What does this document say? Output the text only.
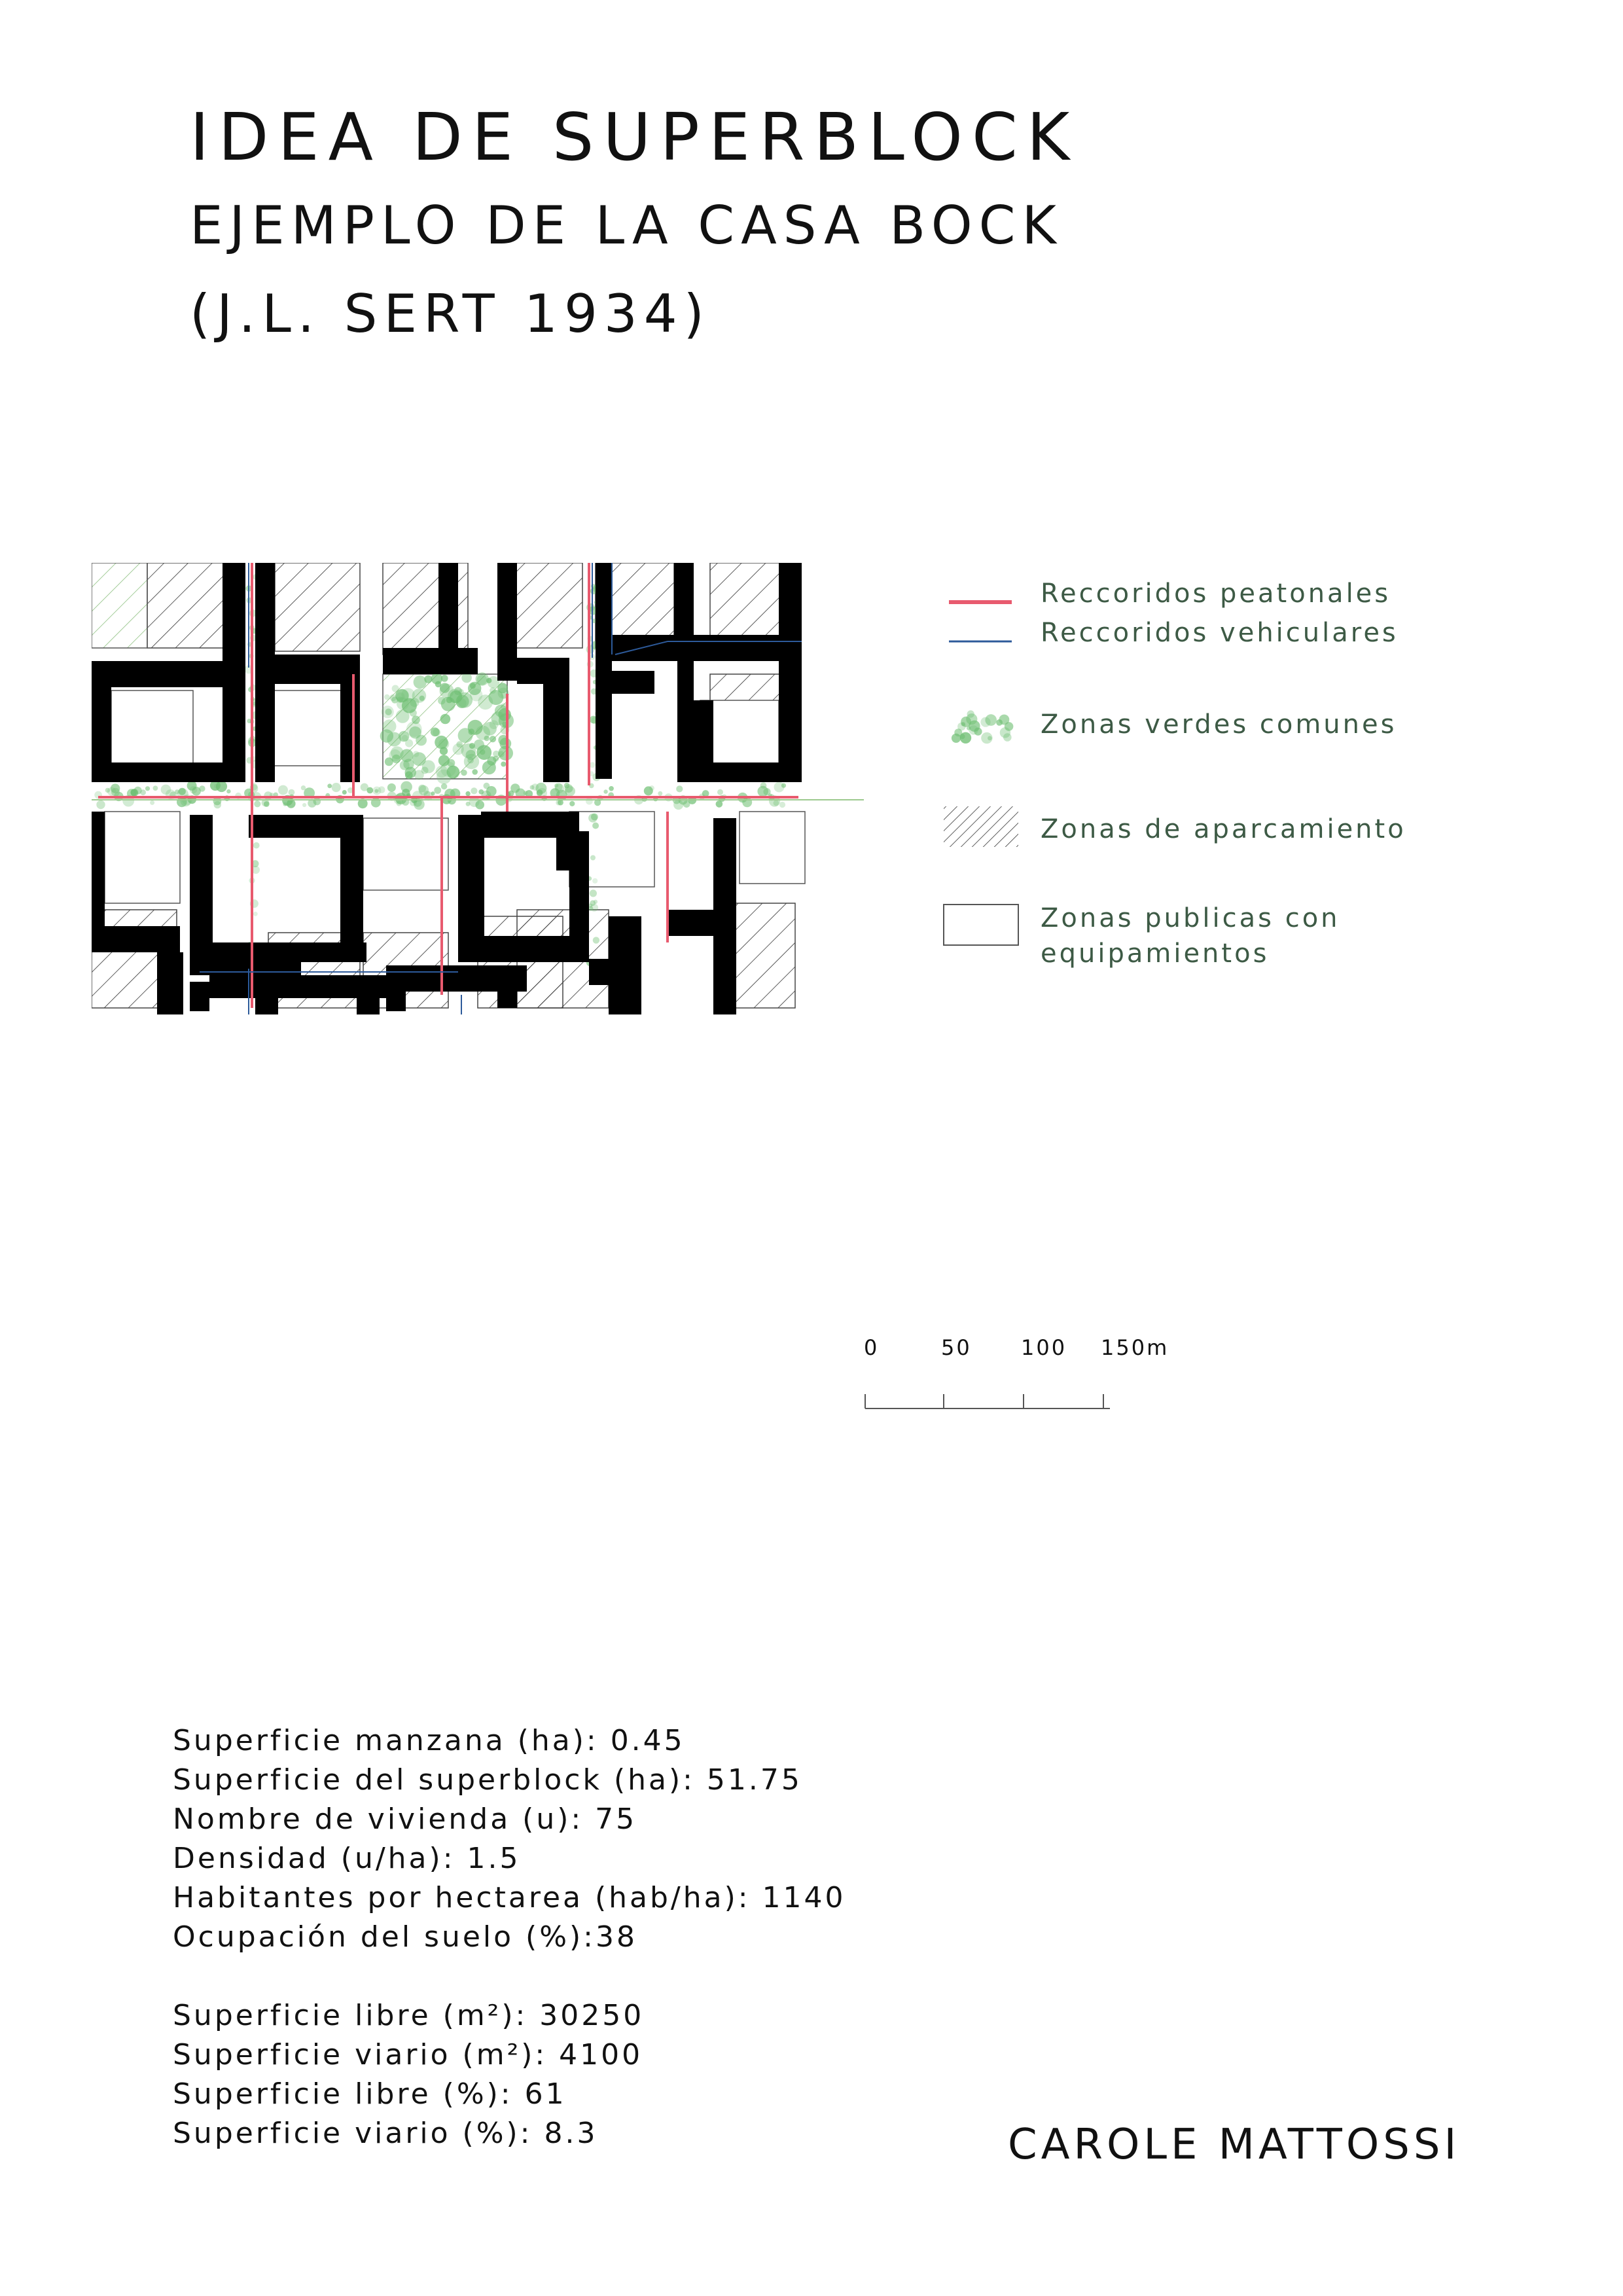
IDEA DE SUPERBLOCK
EJEMPLO DE LA CASA BOCK
(J.L. SERT 1934)
Reccoridos peatonales
Reccoridos vehiculares
Zonas verdes comunes
Zonas de aparcamiento
Zonas publicas con
equipamientos
0	50 100 150m
Superficie manzana (ha): 0.45
Superficie del superblock (ha): 51.75
Nombre de vivienda (u): 75
Densidad (u/ha): 1.5
Habitantes por hectarea (hab/ha): 1140
Ocupación del suelo (%):38
Superficie libre (m²): 30250
Superficie viario (m²): 4100
Superficie libre (%): 61
Superficie viario (%): 8.3	CAROLE MATTOSSI
